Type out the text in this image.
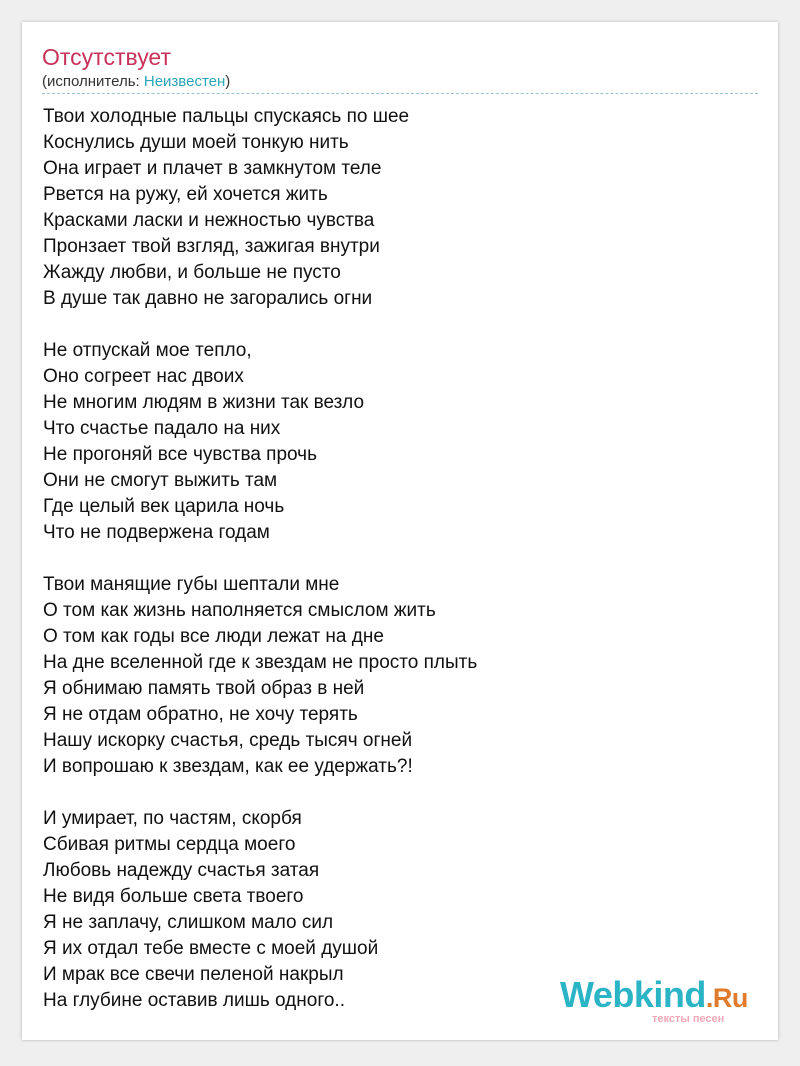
Отсутствует
(исполнитель: Неизвестен)
Твои холодные пальцы спускаясь по шее
Коснулись души моей тонкую нить
Она играет и плачет в замкнутом теле
Рвется на ружу, ей хочется жить
Красками ласки и нежностью чувства
Пронзает твой взгляд, зажигая внутри
Жажду любви, и больше не пусто
В душе так давно не загорались огни
Не отпускай мое тепло,
Оно согреет нас двоих
Не многим людям в жизни так везло
Что счастье падало на них
Не прогоняй все чувства прочь
Они не смогут выжить там
Где целый век царила ночь
Что не подвержена годам
Твои манящие губы шептали мне
О том как жизнь наполняется смыслом жить
О том как годы все люди лежат на дне
На дне вселенной где к звездам не просто плыть
Я обнимаю память твой образ в ней
Я не отдам обратно, не хочу терять
Нашу искорку счастья, средь тысяч огней
И вопрошаю к звездам, как ее удержать?!
И умирает, по частям, скорбя
Сбивая ритмы сердца моего
Любовь надежду счастья затая
Не видя больше света твоего
Я не заплачу, слишком мало сил
Я их отдал тебе вместе с моей душой
И мрак все свечи пеленой накрыл
На глубине оставив лишь одного..	Webkind.Ru
тексты песен
